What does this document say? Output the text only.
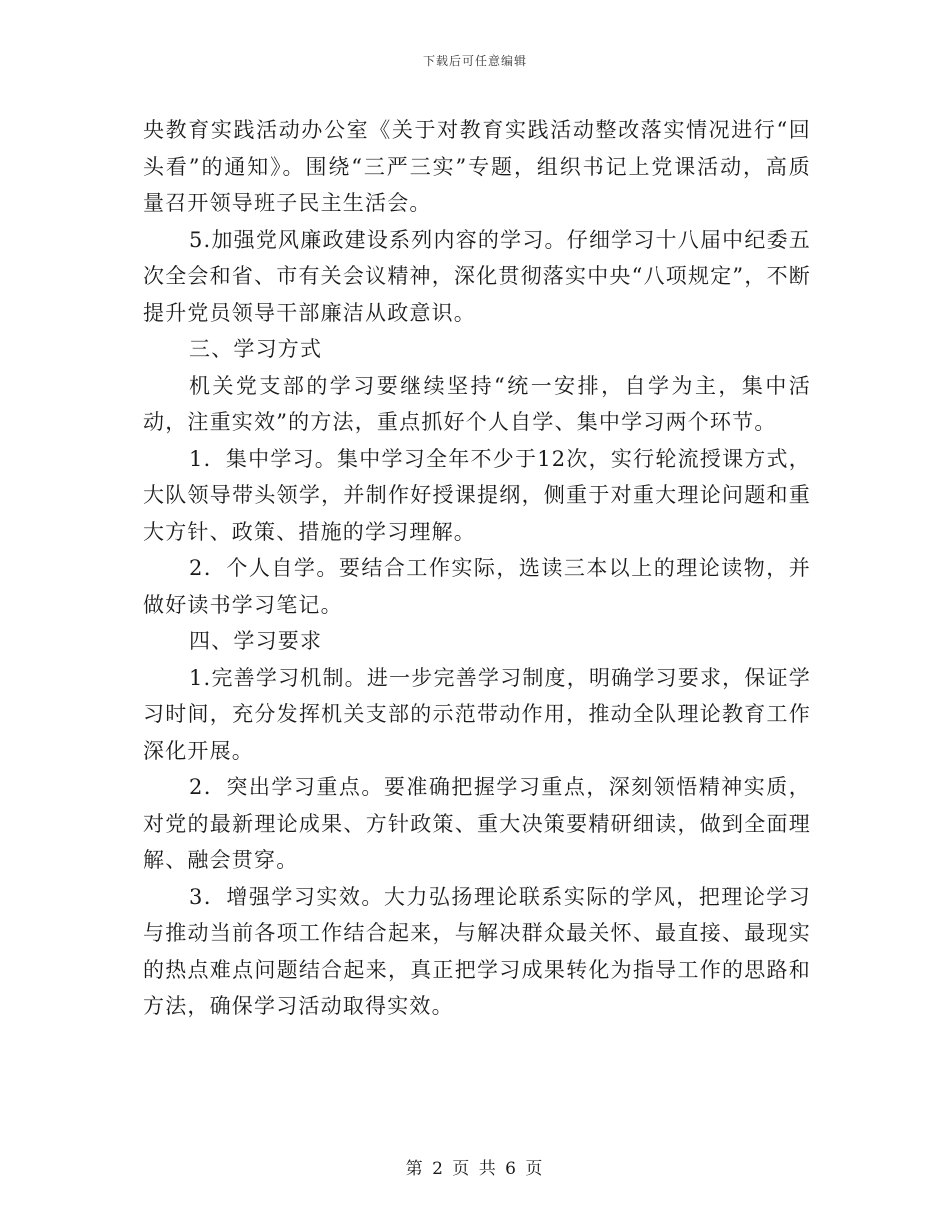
下载后可任意编辑

央教育实践活动办公室《关于对教育实践活动整改落实情况进行“回头看”的通知》。围绕“三严三实”专题，组织书记上党课活动，高质量召开领导班子民主生活会。

5.加强党风廉政建设系列内容的学习。仔细学习十八届中纪委五次全会和省、市有关会议精神，深化贯彻落实中央“八项规定”，不断提升党员领导干部廉洁从政意识。

三、学习方式

机关党支部的学习要继续坚持“统一安排，自学为主，集中活动，注重实效”的方法，重点抓好个人自学、集中学习两个环节。

1．集中学习。集中学习全年不少于12次，实行轮流授课方式，大队领导带头领学，并制作好授课提纲，侧重于对重大理论问题和重大方针、政策、措施的学习理解。

2．个人自学。要结合工作实际，选读三本以上的理论读物，并做好读书学习笔记。

四、学习要求

1.完善学习机制。进一步完善学习制度，明确学习要求，保证学习时间，充分发挥机关支部的示范带动作用，推动全队理论教育工作深化开展。

2．突出学习重点。要准确把握学习重点，深刻领悟精神实质，对党的最新理论成果、方针政策、重大决策要精研细读，做到全面理解、融会贯穿。

3．增强学习实效。大力弘扬理论联系实际的学风，把理论学习与推动当前各项工作结合起来，与解决群众最关怀、最直接、最现实的热点难点问题结合起来，真正把学习成果转化为指导工作的思路和方法，确保学习活动取得实效。

第 2 页 共 6 页
